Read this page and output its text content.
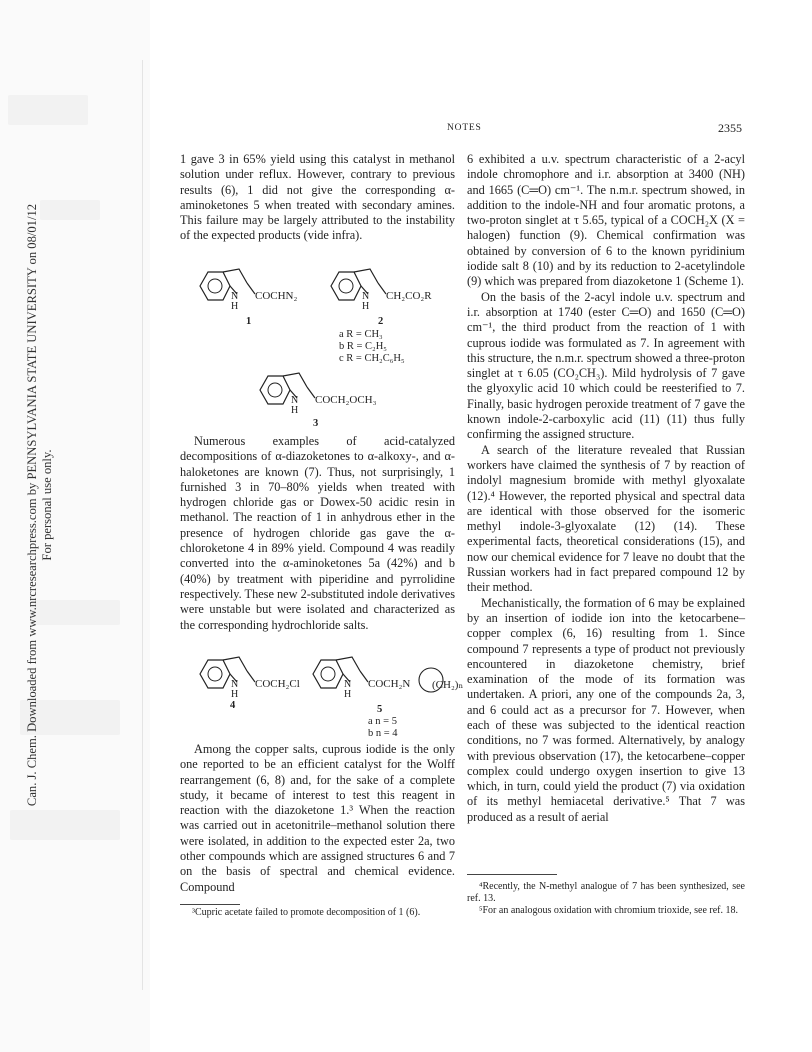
Can. J. Chem. Downloaded from www.nrcresearchpress.com by PENNSYLVANIA STATE UNIVERSITY on 08/01/12 For personal use only.
NOTES	2355

1 gave 3 in 65% yield using this catalyst in methanol solution under reflux. However, contrary to previous results (6), 1 did not give the corresponding α-aminoketones 5 when treated with secondary amines. This failure may be largely attributed to the instability of the expected products (vide infra).

N
H
COCHN₂
1
N
H
CH₂CO₂R
2
a R = CH₃
b R = C₂H₅
c R = CH₂C₆H₅
N
H
COCH₂OCH₃
3

Numerous examples of acid-catalyzed decompositions of α-diazoketones to α-alkoxy-, and α-haloketones are known (7). Thus, not surprisingly, 1 furnished 3 in 70–80% yields when treated with hydrogen chloride gas or Dowex-50 acidic resin in methanol. The reaction of 1 in anhydrous ether in the presence of hydrogen chloride gas gave the α-chloroketone 4 in 89% yield. Compound 4 was readily converted into the α-aminoketones 5a (42%) and b (40%) by treatment with piperidine and pyrrolidine respectively. These new 2-substituted indole derivatives were unstable but were isolated and characterized as the corresponding hydrochloride salts.

N
H
COCH₂Cl
4
N
H
COCH₂N (CH₂)ₙ
5
a n = 5
b n = 4

Among the copper salts, cuprous iodide is the only one reported to be an efficient catalyst for the Wolff rearrangement (6, 8) and, for the sake of a complete study, it became of interest to test this reagent in reaction with the diazoketone 1.³ When the reaction was carried out in acetonitrile–methanol solution there were isolated, in addition to the expected ester 2a, two other compounds which are assigned structures 6 and 7 on the basis of spectral and chemical evidence. Compound

³Cupric acetate failed to promote decomposition of 1 (6).

6 exhibited a u.v. spectrum characteristic of a 2-acyl indole chromophore and i.r. absorption at 3400 (NH) and 1665 (C═O) cm⁻¹. The n.m.r. spectrum showed, in addition to the indole-NH and four aromatic protons, a two-proton singlet at τ 5.65, typical of a COCH₂X (X = halogen) function (9). Chemical confirmation was obtained by conversion of 6 to the known pyridinium iodide salt 8 (10) and by its reduction to 2-acetylindole (9) which was prepared from diazoketone 1 (Scheme 1).

On the basis of the 2-acyl indole u.v. spectrum and i.r. absorption at 1740 (ester C═O) and 1650 (C═O) cm⁻¹, the third product from the reaction of 1 with cuprous iodide was formulated as 7. In agreement with this structure, the n.m.r. spectrum showed a three-proton singlet at τ 6.05 (CO₂CH₃). Mild hydrolysis of 7 gave the glyoxylic acid 10 which could be reesterified to 7. Finally, basic hydrogen peroxide treatment of 7 gave the known indole-2-carboxylic acid (11) (11) thus fully confirming the assigned structure.

A search of the literature revealed that Russian workers have claimed the synthesis of 7 by reaction of indolyl magnesium bromide with methyl glyoxalate (12).⁴ However, the reported physical and spectral data are identical with those observed for the isomeric methyl indole-3-glyoxalate (12) (14). These experimental facts, theoretical considerations (15), and now our chemical evidence for 7 leave no doubt that the Russian workers had in fact prepared compound 12 by their method.

Mechanistically, the formation of 6 may be explained by an insertion of iodide ion into the ketocarbene–copper complex (6, 16) resulting from 1. Since compound 7 represents a type of product not previously encountered in diazoketone chemistry, brief examination of the mode of its formation was undertaken. A priori, any one of the compounds 2a, 3, and 6 could act as a precursor for 7. However, when each of these was subjected to the identical reaction conditions, no 7 was formed. Alternatively, by analogy with previous observation (17), the ketocarbene–copper complex could undergo oxygen insertion to give 13 which, in turn, could yield the product (7) via oxidation of its methyl hemiacetal derivative.⁵ That 7 was produced as a result of aerial

⁴Recently, the N-methyl analogue of 7 has been synthesized, see ref. 13.

⁵For an analogous oxidation with chromium trioxide, see ref. 18.
